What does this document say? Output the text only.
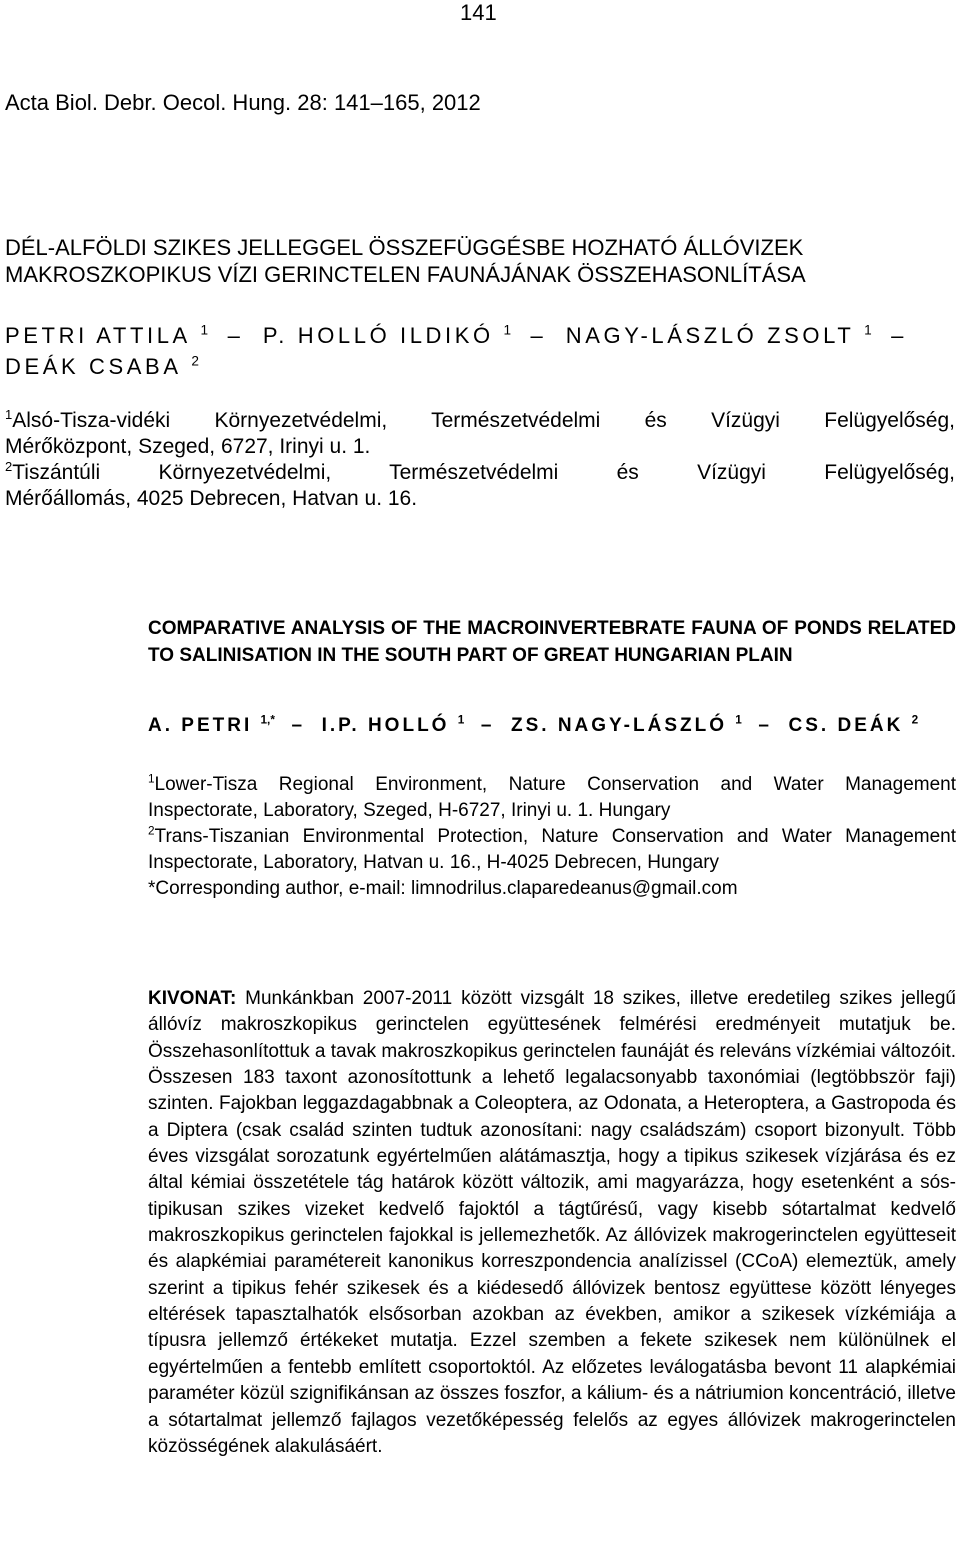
141
Acta Biol. Debr. Oecol. Hung. 28: 141–165, 2012
DÉL-ALFÖLDI SZIKES JELLEGGEL ÖSSZEFÜGGÉSBE HOZHATÓ ÁLLÓVIZEK
MAKROSZKOPIKUS VÍZI GERINCTELEN FAUNÁJÁNAK ÖSSZEHASONLÍTÁSA
PETRI ATTILA $^1$ – P. HOLLÓ ILDIKÓ $^1$ – NAGY-LÁSZLÓ ZSOLT $^1$ –
DEÁK CSABA $^2$

$^1$Alsó-Tisza-vidéki Környezetvédelmi, Természetvédelmi és Vízügyi Felügyelőség,

Mérőközpont, Szeged, 6727, Irinyi u. 1.

$^2$Tiszántúli Környezetvédelmi, Természetvédelmi és Vízügyi Felügyelőség,

Mérőállomás, 4025 Debrecen, Hatvan u. 16.

COMPARATIVE ANALYSIS OF THE MACROINVERTEBRATE FAUNA OF PONDS RELATED TO SALINISATION IN THE SOUTH PART OF GREAT HUNGARIAN PLAIN
A. PETRI $^{1,*}$ – I.P. HOLLÓ $^1$ – ZS. NAGY-LÁSZLÓ $^1$ – CS. DEÁK $^2$

$^1$Lower-Tisza Regional Environment, Nature Conservation and Water Management Inspectorate, Laboratory, Szeged, H-6727, Irinyi u. 1. Hungary

$^2$Trans-Tiszanian Environmental Protection, Nature Conservation and Water Management Inspectorate, Laboratory, Hatvan u. 16., H-4025 Debrecen, Hungary

*Corresponding author, e-mail: limnodrilus.claparedeanus@gmail.com

KIVONAT: Munkánkban 2007-2011 között vizsgált 18 szikes, illetve eredetileg szikes jellegű állóvíz makroszkopikus gerinctelen együttesének felmérési eredményeit mutatjuk be. Összehasonlítottuk a tavak makroszkopikus gerinctelen faunáját és releváns vízkémiai változóit. Összesen 183 taxont azonosítottunk a lehető legalacsonyabb taxonómiai (legtöbbször faji) szinten. Fajokban leggazdagabbnak a Coleoptera, az Odonata, a Heteroptera, a Gastropoda és a Diptera (csak család szinten tudtuk azonosítani: nagy családszám) csoport bizonyult. Több éves vizsgálat sorozatunk egyértelműen alátámasztja, hogy a tipikus szikesek vízjárása és ez által kémiai összetétele tág határok között változik, ami magyarázza, hogy esetenként a sós-tipikusan szikes vizeket kedvelő fajoktól a tágtűrésű, vagy kisebb sótartalmat kedvelő makroszkopikus gerinctelen fajokkal is jellemezhetők. Az állóvizek makrogerinctelen együtteseit és alapkémiai paramétereit kanonikus korreszpondencia analízissel (CCoA) elemeztük, amely szerint a tipikus fehér szikesek és a kiédesedő állóvizek bentosz együttese között lényeges eltérések tapasztalhatók elsősorban azokban az években, amikor a szikesek vízkémiája a típusra jellemző értékeket mutatja. Ezzel szemben a fekete szikesek nem különülnek el egyértelműen a fentebb említett csoportoktól. Az előzetes leválogatásba bevont 11 alapkémiai paraméter közül szignifikánsan az összes foszfor, a kálium- és a nátriumion koncentráció, illetve a sótartalmat jellemző fajlagos vezetőképesség felelős az egyes állóvizek makrogerinctelen közösségének alakulásáért.
